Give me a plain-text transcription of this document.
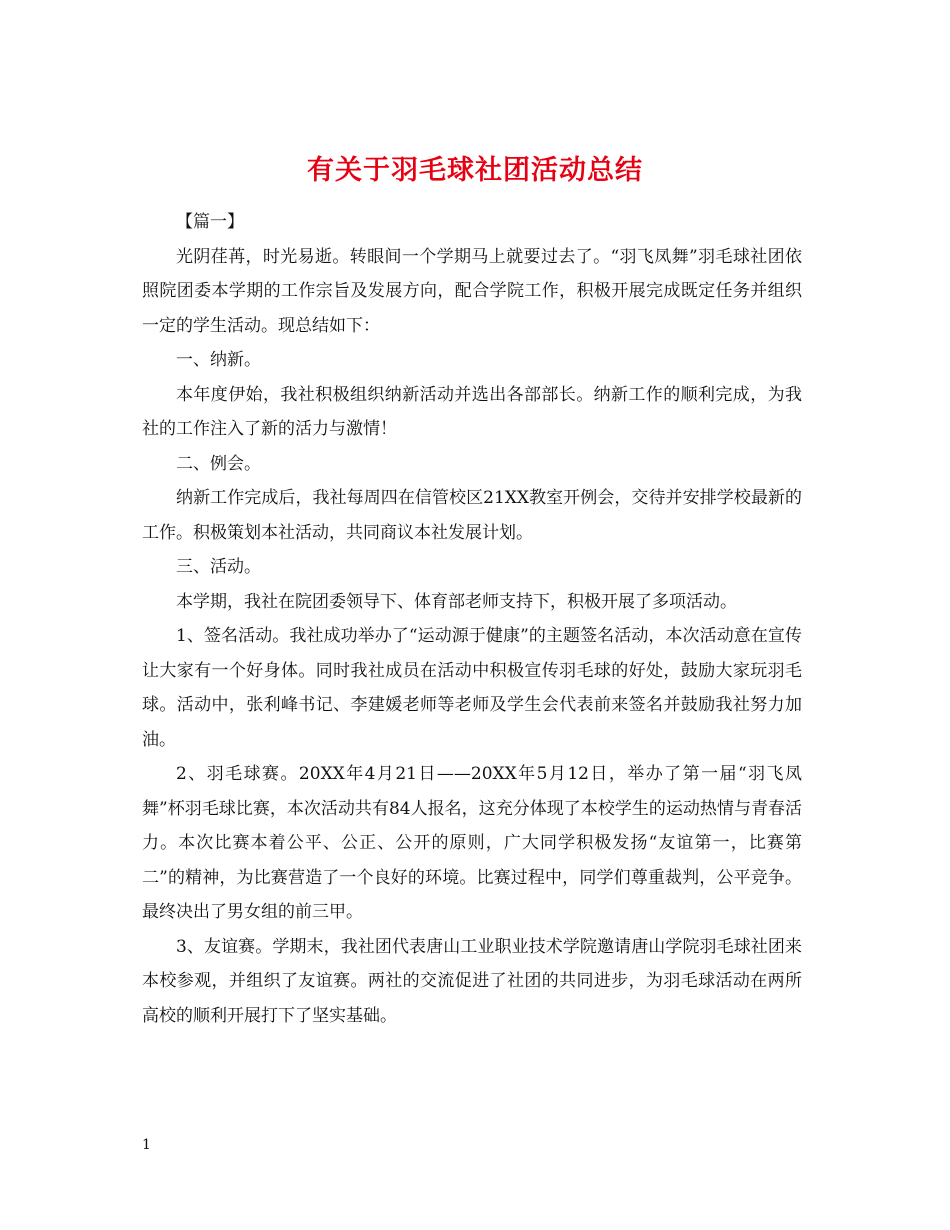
有关于羽毛球社团活动总结

【篇一】

光阴荏苒，时光易逝。转眼间一个学期马上就要过去了。“羽飞凤舞”羽毛球社团依照院团委本学期的工作宗旨及发展方向，配合学院工作，积极开展完成既定任务并组织一定的学生活动。现总结如下：

一、纳新。

本年度伊始，我社积极组织纳新活动并选出各部部长。纳新工作的顺利完成，为我社的工作注入了新的活力与激情！

二、例会。

纳新工作完成后，我社每周四在信管校区21XX教室开例会，交待并安排学校最新的工作。积极策划本社活动，共同商议本社发展计划。

三、活动。

本学期，我社在院团委领导下、体育部老师支持下，积极开展了多项活动。

1、签名活动。我社成功举办了“运动源于健康”的主题签名活动，本次活动意在宣传让大家有一个好身体。同时我社成员在活动中积极宣传羽毛球的好处，鼓励大家玩羽毛球。活动中，张利峰书记、李建媛老师等老师及学生会代表前来签名并鼓励我社努力加油。

2、羽毛球赛。20XX年4月21日——20XX年5月12日，举办了第一届“羽飞凤舞”杯羽毛球比赛，本次活动共有84人报名，这充分体现了本校学生的运动热情与青春活力。本次比赛本着公平、公正、公开的原则，广大同学积极发扬“友谊第一，比赛第二”的精神，为比赛营造了一个良好的环境。比赛过程中，同学们尊重裁判，公平竞争。最终决出了男女组的前三甲。

3、友谊赛。学期末，我社团代表唐山工业职业技术学院邀请唐山学院羽毛球社团来本校参观，并组织了友谊赛。两社的交流促进了社团的共同进步，为羽毛球活动在两所高校的顺利开展打下了坚实基础。

1
